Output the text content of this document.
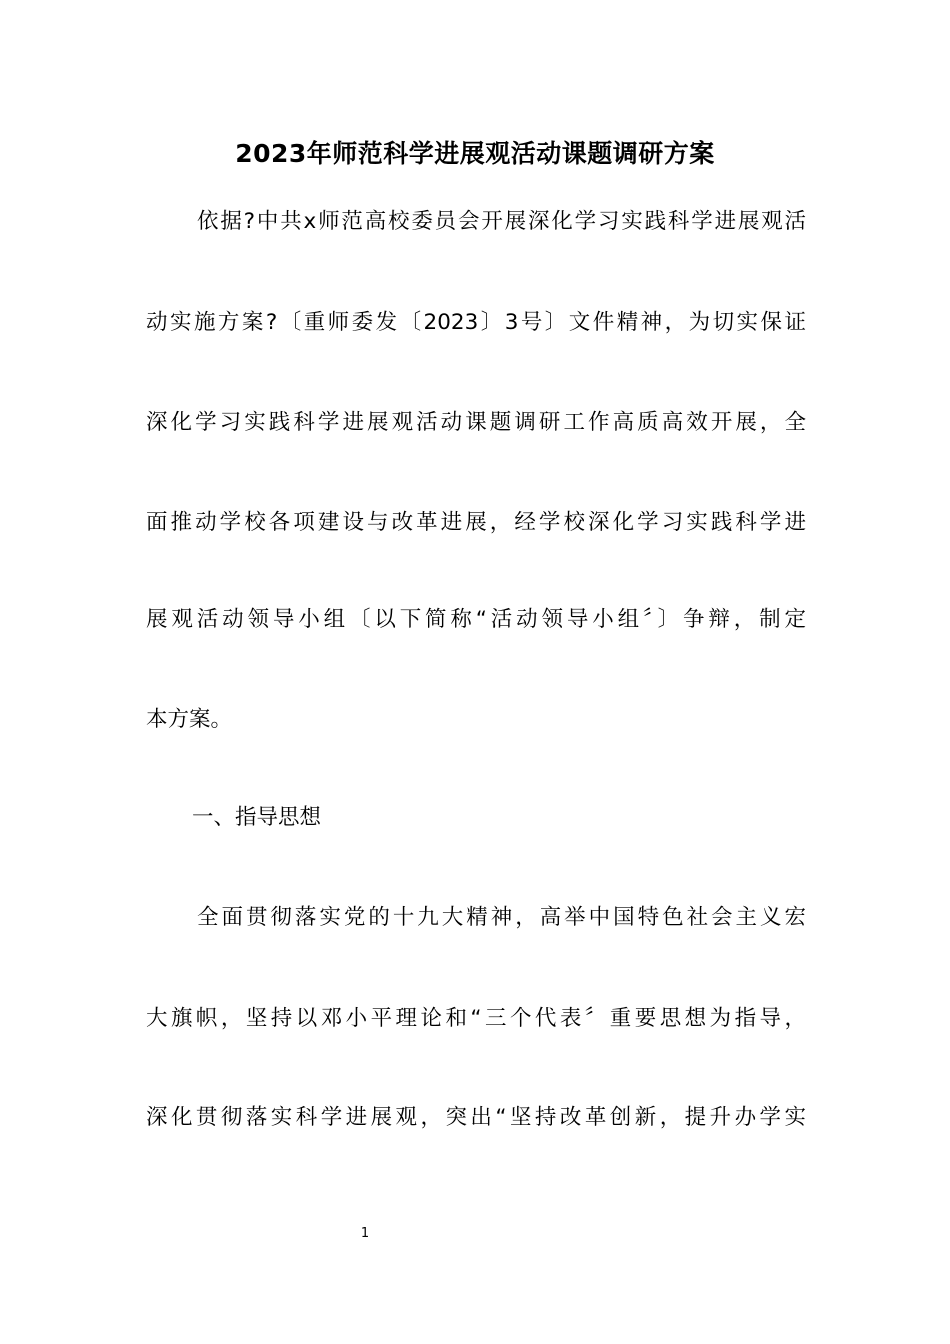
2023年师范科学进展观活动课题调研方案
依据?中共x师范高校委员会开展深化学习实践科学进展观活
动实施方案?〔重师委发〔2023〕3号〕文件精神，为切实保证
深化学习实践科学进展观活动课题调研工作高质高效开展，全
面推动学校各项建设与改革进展，经学校深化学习实践科学进
展观活动领导小组〔以下简称“活动领导小组〞〕争辩，制定
本方案。
一、指导思想
全面贯彻落实党的十九大精神，高举中国特色社会主义宏
大旗帜，坚持以邓小平理论和“三个代表〞重要思想为指导，
深化贯彻落实科学进展观，突出“坚持改革创新，提升办学实
1
